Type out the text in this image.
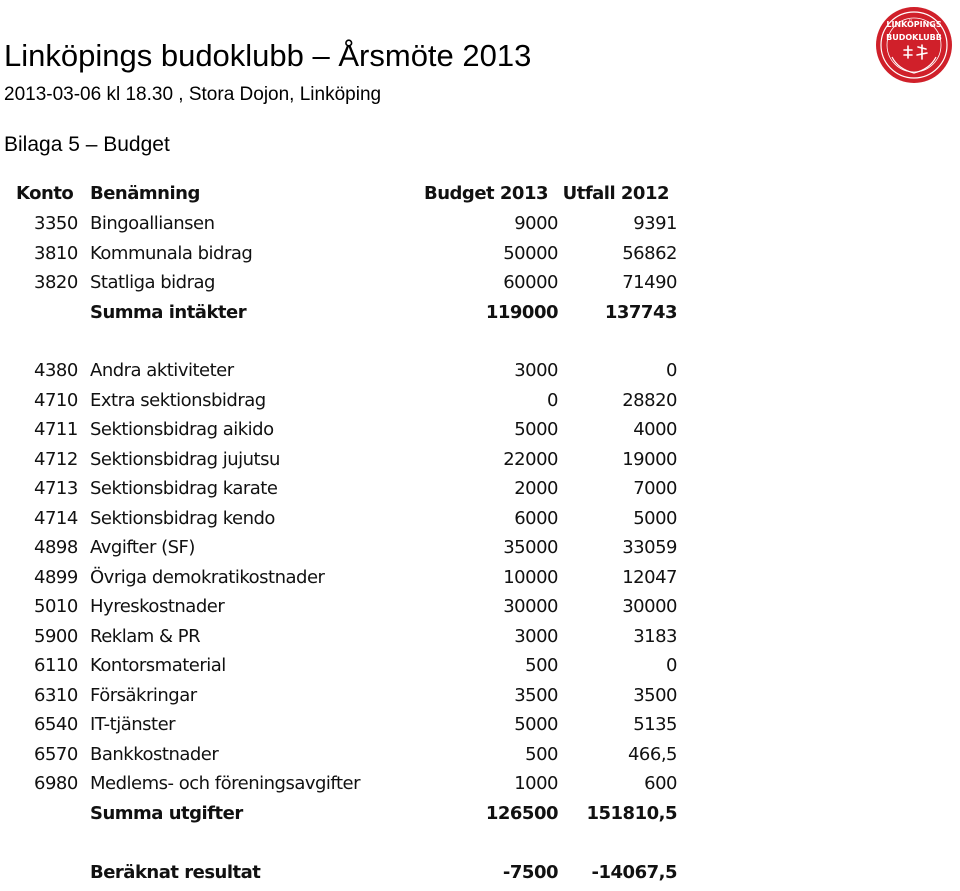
Linköpings budoklubb – Årsmöte 2013
2013-03-06 kl 18.30 , Stora Dojon, Linköping
Bilaga 5 – Budget
LINKÖPINGS
BUDOKLUBB
Konto Benämning	Budget 2013 Utfall 2012
3350 Bingoalliansen	9000	9391
3810 Kommunala bidrag	50000	56862
3820 Statliga bidrag	60000	71490
Summa intäkter	119000	137743
4380 Andra aktiviteter	3000	0
4710 Extra sektionsbidrag	0	28820
4711 Sektionsbidrag aikido	5000	4000
4712 Sektionsbidrag jujutsu	22000	19000
4713 Sektionsbidrag karate	2000	7000
4714 Sektionsbidrag kendo	6000	5000
4898 Avgifter (SF)	35000	33059
4899 Övriga demokratikostnader	10000	12047
5010 Hyreskostnader	30000	30000
5900 Reklam & PR	3000	3183
6110 Kontorsmaterial	500	0
6310 Försäkringar	3500	3500
6540 IT-tjänster	5000	5135
6570 Bankkostnader	500	466,5
6980 Medlems- och föreningsavgifter	1000	600
Summa utgifter	126500 151810,5
Beräknat resultat	-7500 -14067,5
